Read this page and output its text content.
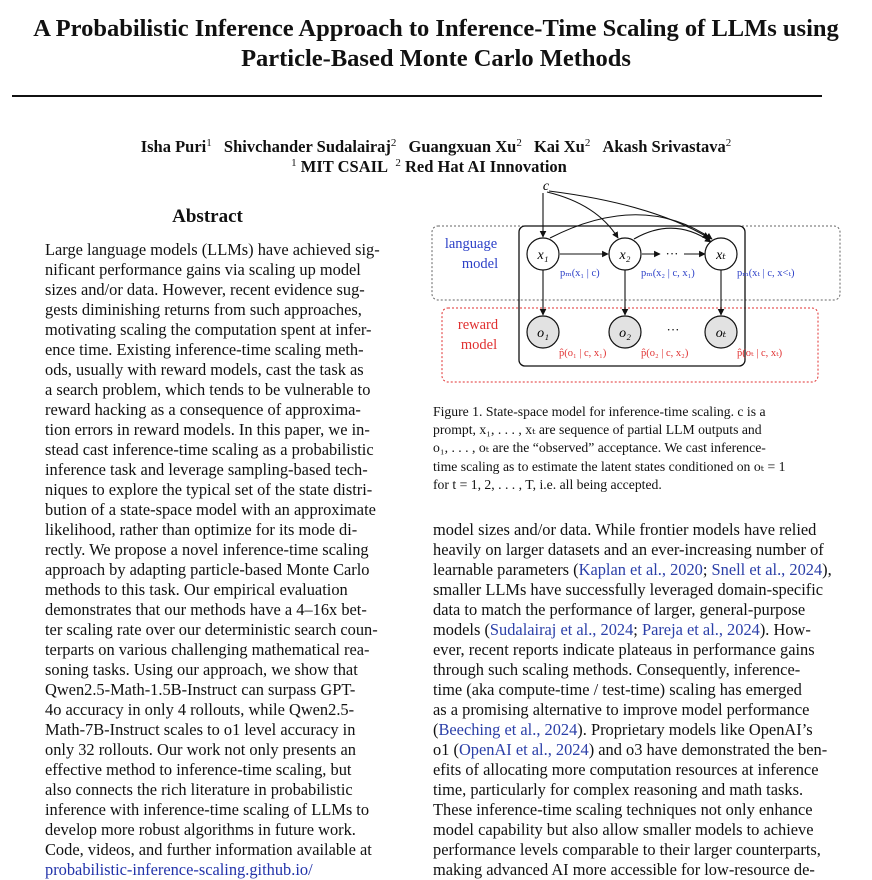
A Probabilistic Inference Approach to Inference-Time Scaling of LLMs using
Particle-Based Monte Carlo Methods
Isha Puri$^1$ Shivchander Sudalairaj$^2$ Guangxuan Xu$^2$ Kai Xu$^2$ Akash Srivastava$^2$
$^1$ MIT CSAIL $^2$ Red Hat AI Innovation
Abstract
Large language models (LLMs) have achieved sig-
nificant performance gains via scaling up model
sizes and/or data. However, recent evidence sug-
gests diminishing returns from such approaches,
motivating scaling the computation spent at infer-
ence time. Existing inference-time scaling meth-
ods, usually with reward models, cast the task as
a search problem, which tends to be vulnerable to
reward hacking as a consequence of approxima-
tion errors in reward models. In this paper, we in-
stead cast inference-time scaling as a probabilistic
inference task and leverage sampling-based tech-
niques to explore the typical set of the state distri-
bution of a state-space model with an approximate
likelihood, rather than optimize for its mode di-
rectly. We propose a novel inference-time scaling
approach by adapting particle-based Monte Carlo
methods to this task. Our empirical evaluation
demonstrates that our methods have a 4–16x bet-
ter scaling rate over our deterministic search coun-
terparts on various challenging mathematical rea-
soning tasks. Using our approach, we show that
Qwen2.5-Math-1.5B-Instruct can surpass GPT-
4o accuracy in only 4 rollouts, while Qwen2.5-
Math-7B-Instruct scales to o1 level accuracy in
only 32 rollouts. Our work not only presents an
effective method to inference-time scaling, but
also connects the rich literature in probabilistic
inference with inference-time scaling of LLMs to
develop more robust algorithms in future work.
Code, videos, and further information available at
probabilistic-inference-scaling.github.io/
language
model
reward
model
c
···
x₁	x₂	xₜ
o₁	o₂	oₜ
···
pₘ(x₁ | c)	pₘ(x₂ | c, x₁)	pₘ(xₜ | c, x<ₜ)
p̂(o₁ | c, x₁)	p̂(o₂ | c, x₂)	p̂(oₜ | c, xₜ)
Figure 1. State-space model for inference-time scaling. c is a
prompt, x₁, . . . , xₜ are sequence of partial LLM outputs and
o₁, . . . , oₜ are the “observed” acceptance. We cast inference-
time scaling as to estimate the latent states conditioned on oₜ = 1
for t = 1, 2, . . . , T, i.e. all being accepted.
model sizes and/or data. While frontier models have relied
heavily on larger datasets and an ever-increasing number of
learnable parameters (Kaplan et al., 2020; Snell et al., 2024),
smaller LLMs have successfully leveraged domain-specific
data to match the performance of larger, general-purpose
models (Sudalairaj et al., 2024; Pareja et al., 2024). How-
ever, recent reports indicate plateaus in performance gains
through such scaling methods. Consequently, inference-
time (aka compute-time / test-time) scaling has emerged
as a promising alternative to improve model performance
(Beeching et al., 2024). Proprietary models like OpenAI’s
o1 (OpenAI et al., 2024) and o3 have demonstrated the ben-
efits of allocating more computation resources at inference
time, particularly for complex reasoning and math tasks.
These inference-time scaling techniques not only enhance
model capability but also allow smaller models to achieve
performance levels comparable to their larger counterparts,
making advanced AI more accessible for low-resource de-
